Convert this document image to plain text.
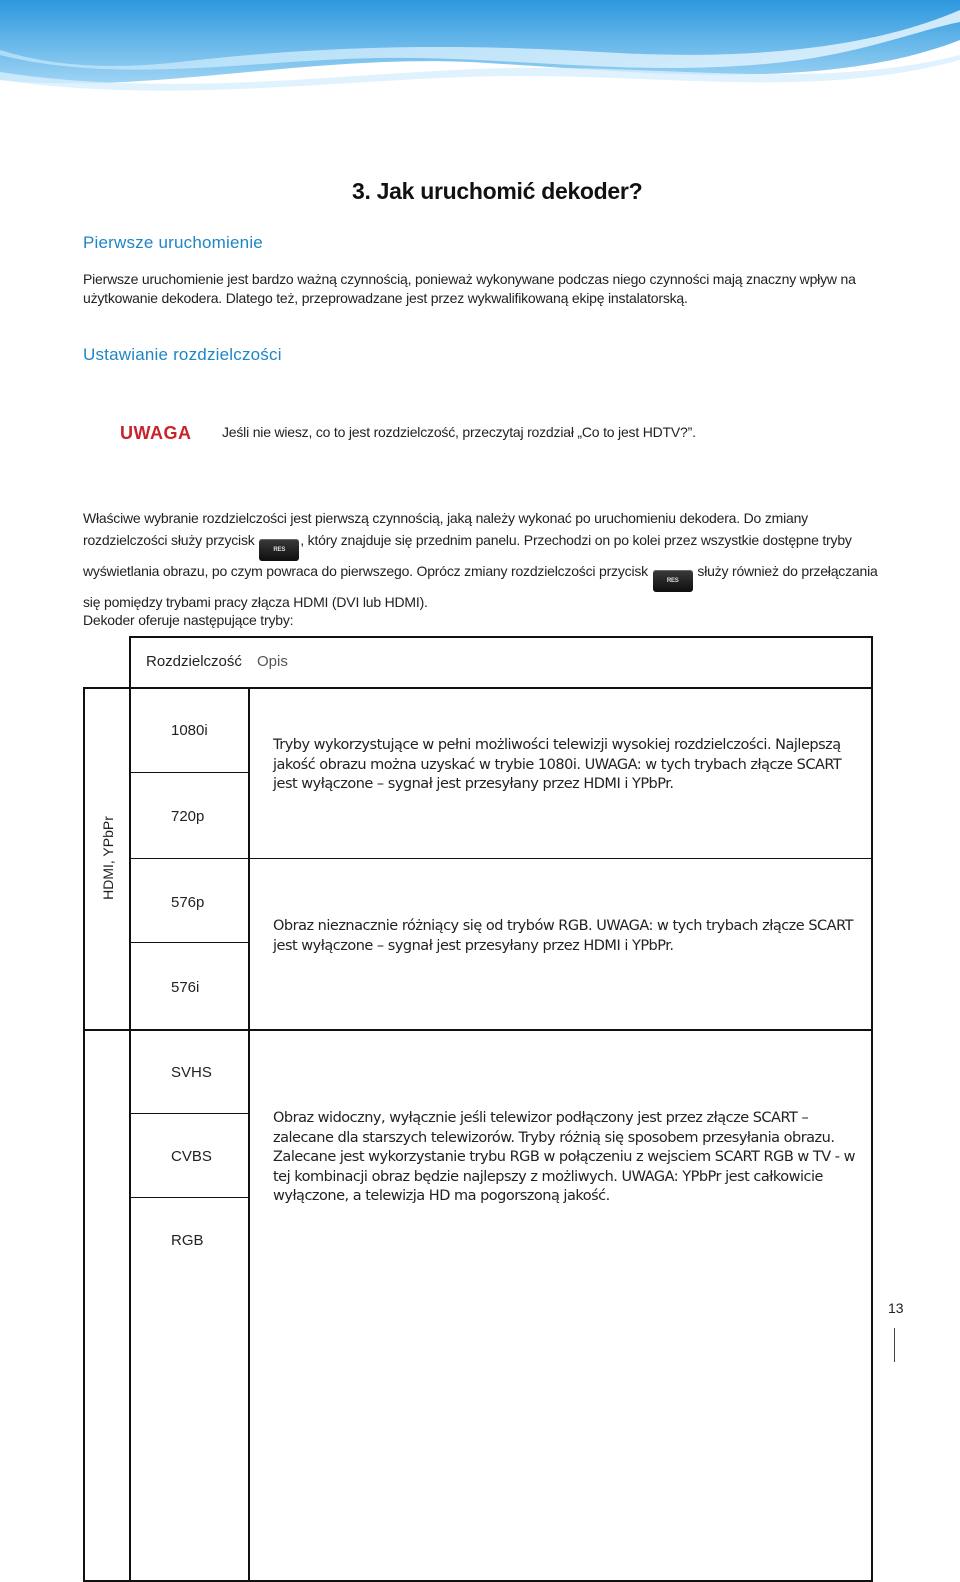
3. Jak uruchomić dekoder?
Pierwsze uruchomienie
Pierwsze uruchomienie jest bardzo ważną czynnością, ponieważ wykonywane podczas niego czynności mają znaczny wpływ na użytkowanie dekodera. Dlatego też, przeprowadzane jest przez wykwalifikowaną ekipę instalatorską.
Ustawianie rozdzielczości
UWAGA Jeśli nie wiesz, co to jest rozdzielczość, przeczytaj rozdział „Co to jest HDTV?”.
Właściwe wybranie rozdzielczości jest pierwszą czynnością, jaką należy wykonać po uruchomieniu dekodera. Do zmiany rozdzielczości służy przycisk RES, który znajduje się przednim panelu. Przechodzi on po kolei przez wszystkie dostępne tryby wyświetlania obrazu, po czym powraca do pierwszego. Oprócz zmiany rozdzielczości przycisk RES służy również do przełączania się pomiędzy trybami pracy złącza HDMI (DVI lub HDMI).
Dekoder oferuje następujące tryby:
Rozdzielczość Opis
HDMI, YPbPr
1080i
720p
576p
576i
SVHS
CVBS
RGB
Tryby wykorzystujące w pełni możliwości telewizji wysokiej rozdzielczości. Najlepszą jakość obrazu można uzyskać w trybie 1080i. UWAGA: w tych trybach złącze SCART jest wyłączone – sygnał jest przesyłany przez HDMI i YPbPr.
Obraz nieznacznie różniący się od trybów RGB. UWAGA: w tych trybach złącze SCART jest wyłączone – sygnał jest przesyłany przez HDMI i YPbPr.
Obraz widoczny, wyłącznie jeśli telewizor podłączony jest przez złącze SCART – zalecane dla starszych telewizorów. Tryby różnią się sposobem przesyłania obrazu. Zalecane jest wykorzystanie trybu RGB w połączeniu z wejsciem SCART RGB w TV - w tej kombinacji obraz będzie najlepszy z możliwych. UWAGA: YPbPr jest całkowicie wyłączone, a telewizja HD ma pogorszoną jakość.
13
